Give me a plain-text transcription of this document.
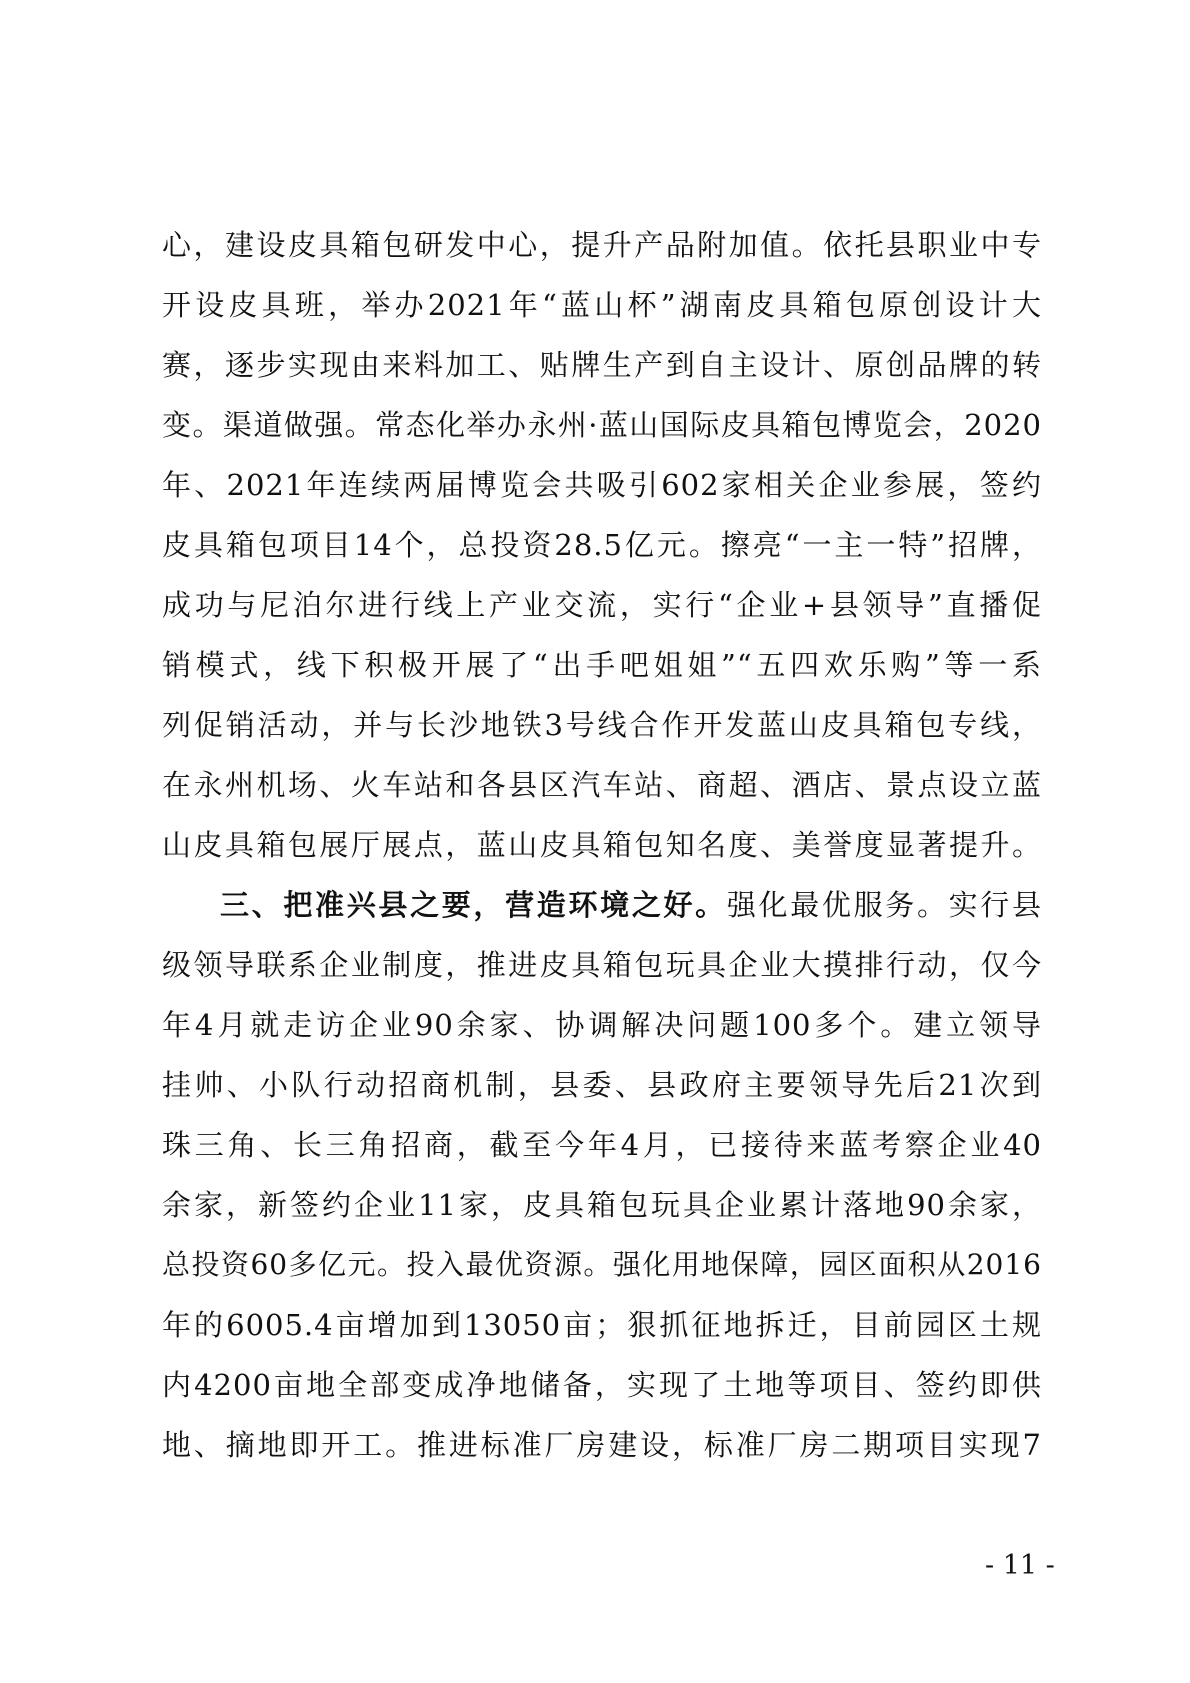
心，建设皮具箱包研发中心，提升产品附加值。依托县职业中专
开设皮具班，举办2021年“蓝山杯”湖南皮具箱包原创设计大
赛，逐步实现由来料加工、贴牌生产到自主设计、原创品牌的转
变。渠道做强。常态化举办永州·蓝山国际皮具箱包博览会，2020
年、2021年连续两届博览会共吸引602家相关企业参展，签约
皮具箱包项目14个，总投资28.5亿元。擦亮“一主一特”招牌，
成功与尼泊尔进行线上产业交流，实行“企业+县领导”直播促
销模式，线下积极开展了“出手吧姐姐”“五四欢乐购”等一系
列促销活动，并与长沙地铁3号线合作开发蓝山皮具箱包专线，
在永州机场、火车站和各县区汽车站、商超、酒店、景点设立蓝
山皮具箱包展厅展点，蓝山皮具箱包知名度、美誉度显著提升。
三、把准兴县之要，营造环境之好。强化最优服务。实行县
级领导联系企业制度，推进皮具箱包玩具企业大摸排行动，仅今
年4月就走访企业90余家、协调解决问题100多个。建立领导
挂帅、小队行动招商机制，县委、县政府主要领导先后21次到
珠三角、长三角招商，截至今年4月，已接待来蓝考察企业40
余家，新签约企业11家，皮具箱包玩具企业累计落地90余家，
总投资60多亿元。投入最优资源。强化用地保障，园区面积从2016
年的6005.4亩增加到13050亩；狠抓征地拆迁，目前园区土规
内4200亩地全部变成净地储备，实现了土地等项目、签约即供
地、摘地即开工。推进标准厂房建设，标准厂房二期项目实现7
- 11 -
